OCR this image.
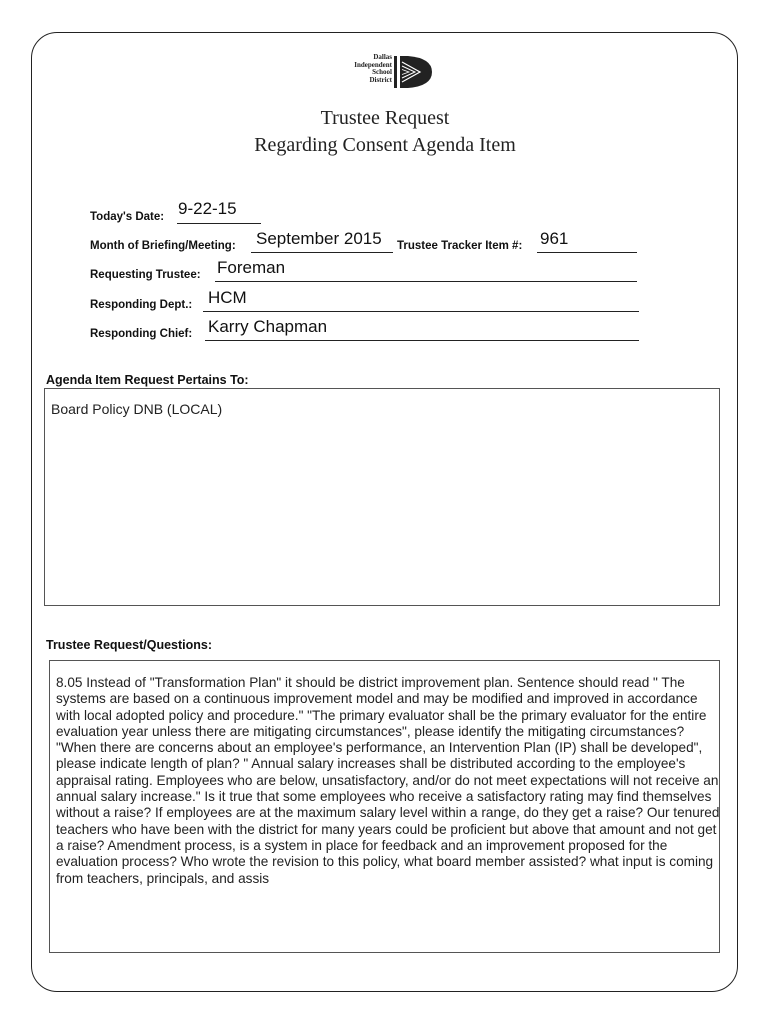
Dallas
Independent
School
District
Trustee Request
Regarding Consent Agenda Item
Today's Date: 9-22-15
Month of Briefing/Meeting: September 2015 Trustee Tracker Item #: 961
Requesting Trustee: Foreman
Responding Dept.: HCM
Responding Chief: Karry Chapman
Agenda Item Request Pertains To:
Board Policy DNB (LOCAL)
Trustee Request/Questions:

8.05 Instead of "Transformation Plan" it should be district improvement plan. Sentence should read " The systems are based on a continuous improvement model and may be modified and improved in accordance with local adopted policy and procedure." "The primary evaluator shall be the primary evaluator for the entire evaluation year unless there are mitigating circumstances", please identify the mitigating circumstances? "When there are concerns about an employee's performance, an Intervention Plan (IP) shall be developed", please indicate length of plan? " Annual salary increases shall be distributed according to the employee's appraisal rating. Employees who are below, unsatisfactory, and/or do not meet expectations will not receive an annual salary increase." Is it true that some employees who receive a satisfactory rating may find themselves without a raise? If employees are at the maximum salary level within a range, do they get a raise? Our tenured teachers who have been with the district for many years could be proficient but above that amount and not get a raise? Amendment process, is a system in place for feedback and an improvement proposed for the evaluation process? Who wrote the revision to this policy, what board member assisted? what input is coming from teachers, principals, and assis
